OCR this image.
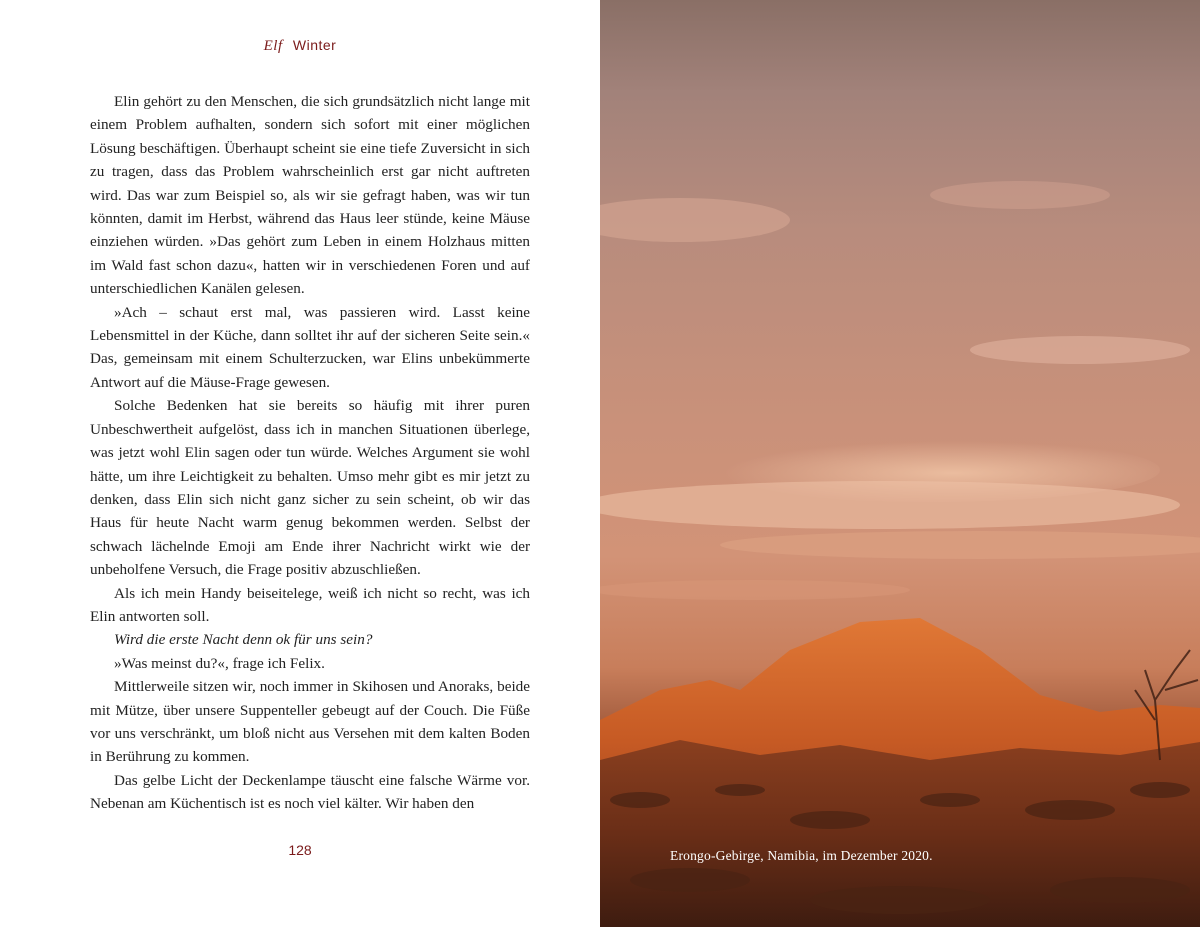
Elf Winter

Elin gehört zu den Menschen, die sich grundsätzlich nicht lange mit einem Problem aufhalten, sondern sich sofort mit einer möglichen Lösung beschäftigen. Überhaupt scheint sie eine tiefe Zuversicht in sich zu tragen, dass das Problem wahrscheinlich erst gar nicht auftreten wird. Das war zum Beispiel so, als wir sie gefragt haben, was wir tun könnten, damit im Herbst, während das Haus leer stünde, keine Mäuse einziehen würden. »Das gehört zum Leben in einem Holzhaus mitten im Wald fast schon dazu«, hatten wir in verschiedenen Foren und auf unterschiedlichen Kanälen gelesen.

»Ach – schaut erst mal, was passieren wird. Lasst keine Lebensmittel in der Küche, dann solltet ihr auf der sicheren Seite sein.« Das, gemeinsam mit einem Schulterzucken, war Elins unbekümmerte Antwort auf die Mäuse-Frage gewesen.

Solche Bedenken hat sie bereits so häufig mit ihrer puren Unbeschwertheit aufgelöst, dass ich in manchen Situationen überlege, was jetzt wohl Elin sagen oder tun würde. Welches Argument sie wohl hätte, um ihre Leichtigkeit zu behalten. Umso mehr gibt es mir jetzt zu denken, dass Elin sich nicht ganz sicher zu sein scheint, ob wir das Haus für heute Nacht warm genug bekommen werden. Selbst der schwach lächelnde Emoji am Ende ihrer Nachricht wirkt wie der unbeholfene Versuch, die Frage positiv abzuschließen.

Als ich mein Handy beiseitelege, weiß ich nicht so recht, was ich Elin antworten soll.

Wird die erste Nacht denn ok für uns sein?

»Was meinst du?«, frage ich Felix.

Mittlerweile sitzen wir, noch immer in Skihosen und Anoraks, beide mit Mütze, über unsere Suppenteller gebeugt auf der Couch. Die Füße vor uns verschränkt, um bloß nicht aus Versehen mit dem kalten Boden in Berührung zu kommen.

Das gelbe Licht der Deckenlampe täuscht eine falsche Wärme vor. Nebenan am Küchentisch ist es noch viel kälter. Wir haben den

128	Erongo-Gebirge, Namibia, im Dezember 2020.
